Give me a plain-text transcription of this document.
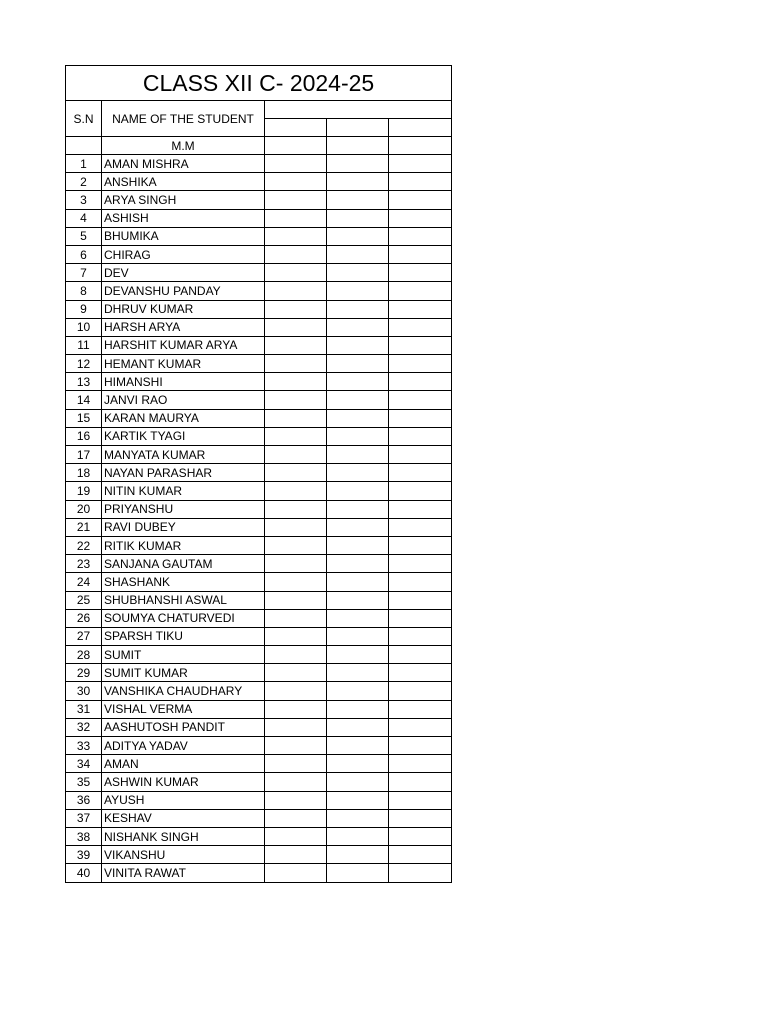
CLASS XII C- 2024-25				
S.N	NAME OF THE STUDENT			

	M.M			
1	AMAN MISHRA			
2	ANSHIKA			
3	ARYA SINGH			
4	ASHISH			
5	BHUMIKA			
6	CHIRAG			
7	DEV			
8	DEVANSHU PANDAY			
9	DHRUV KUMAR			
10	HARSH ARYA			
11	HARSHIT KUMAR ARYA			
12	HEMANT KUMAR			
13	HIMANSHI			
14	JANVI RAO			
15	KARAN MAURYA			
16	KARTIK TYAGI			
17	MANYATA KUMAR			
18	NAYAN PARASHAR			
19	NITIN KUMAR			
20	PRIYANSHU			
21	RAVI DUBEY			
22	RITIK KUMAR			
23	SANJANA GAUTAM			
24	SHASHANK			
25	SHUBHANSHI ASWAL			
26	SOUMYA CHATURVEDI			
27	SPARSH TIKU			
28	SUMIT			
29	SUMIT KUMAR			
30	VANSHIKA CHAUDHARY			
31	VISHAL VERMA			
32	AASHUTOSH PANDIT			
33	ADITYA YADAV			
34	AMAN			
35	ASHWIN KUMAR			
36	AYUSH			
37	KESHAV			
38	NISHANK SINGH			
39	VIKANSHU			
40	VINITA RAWAT			
